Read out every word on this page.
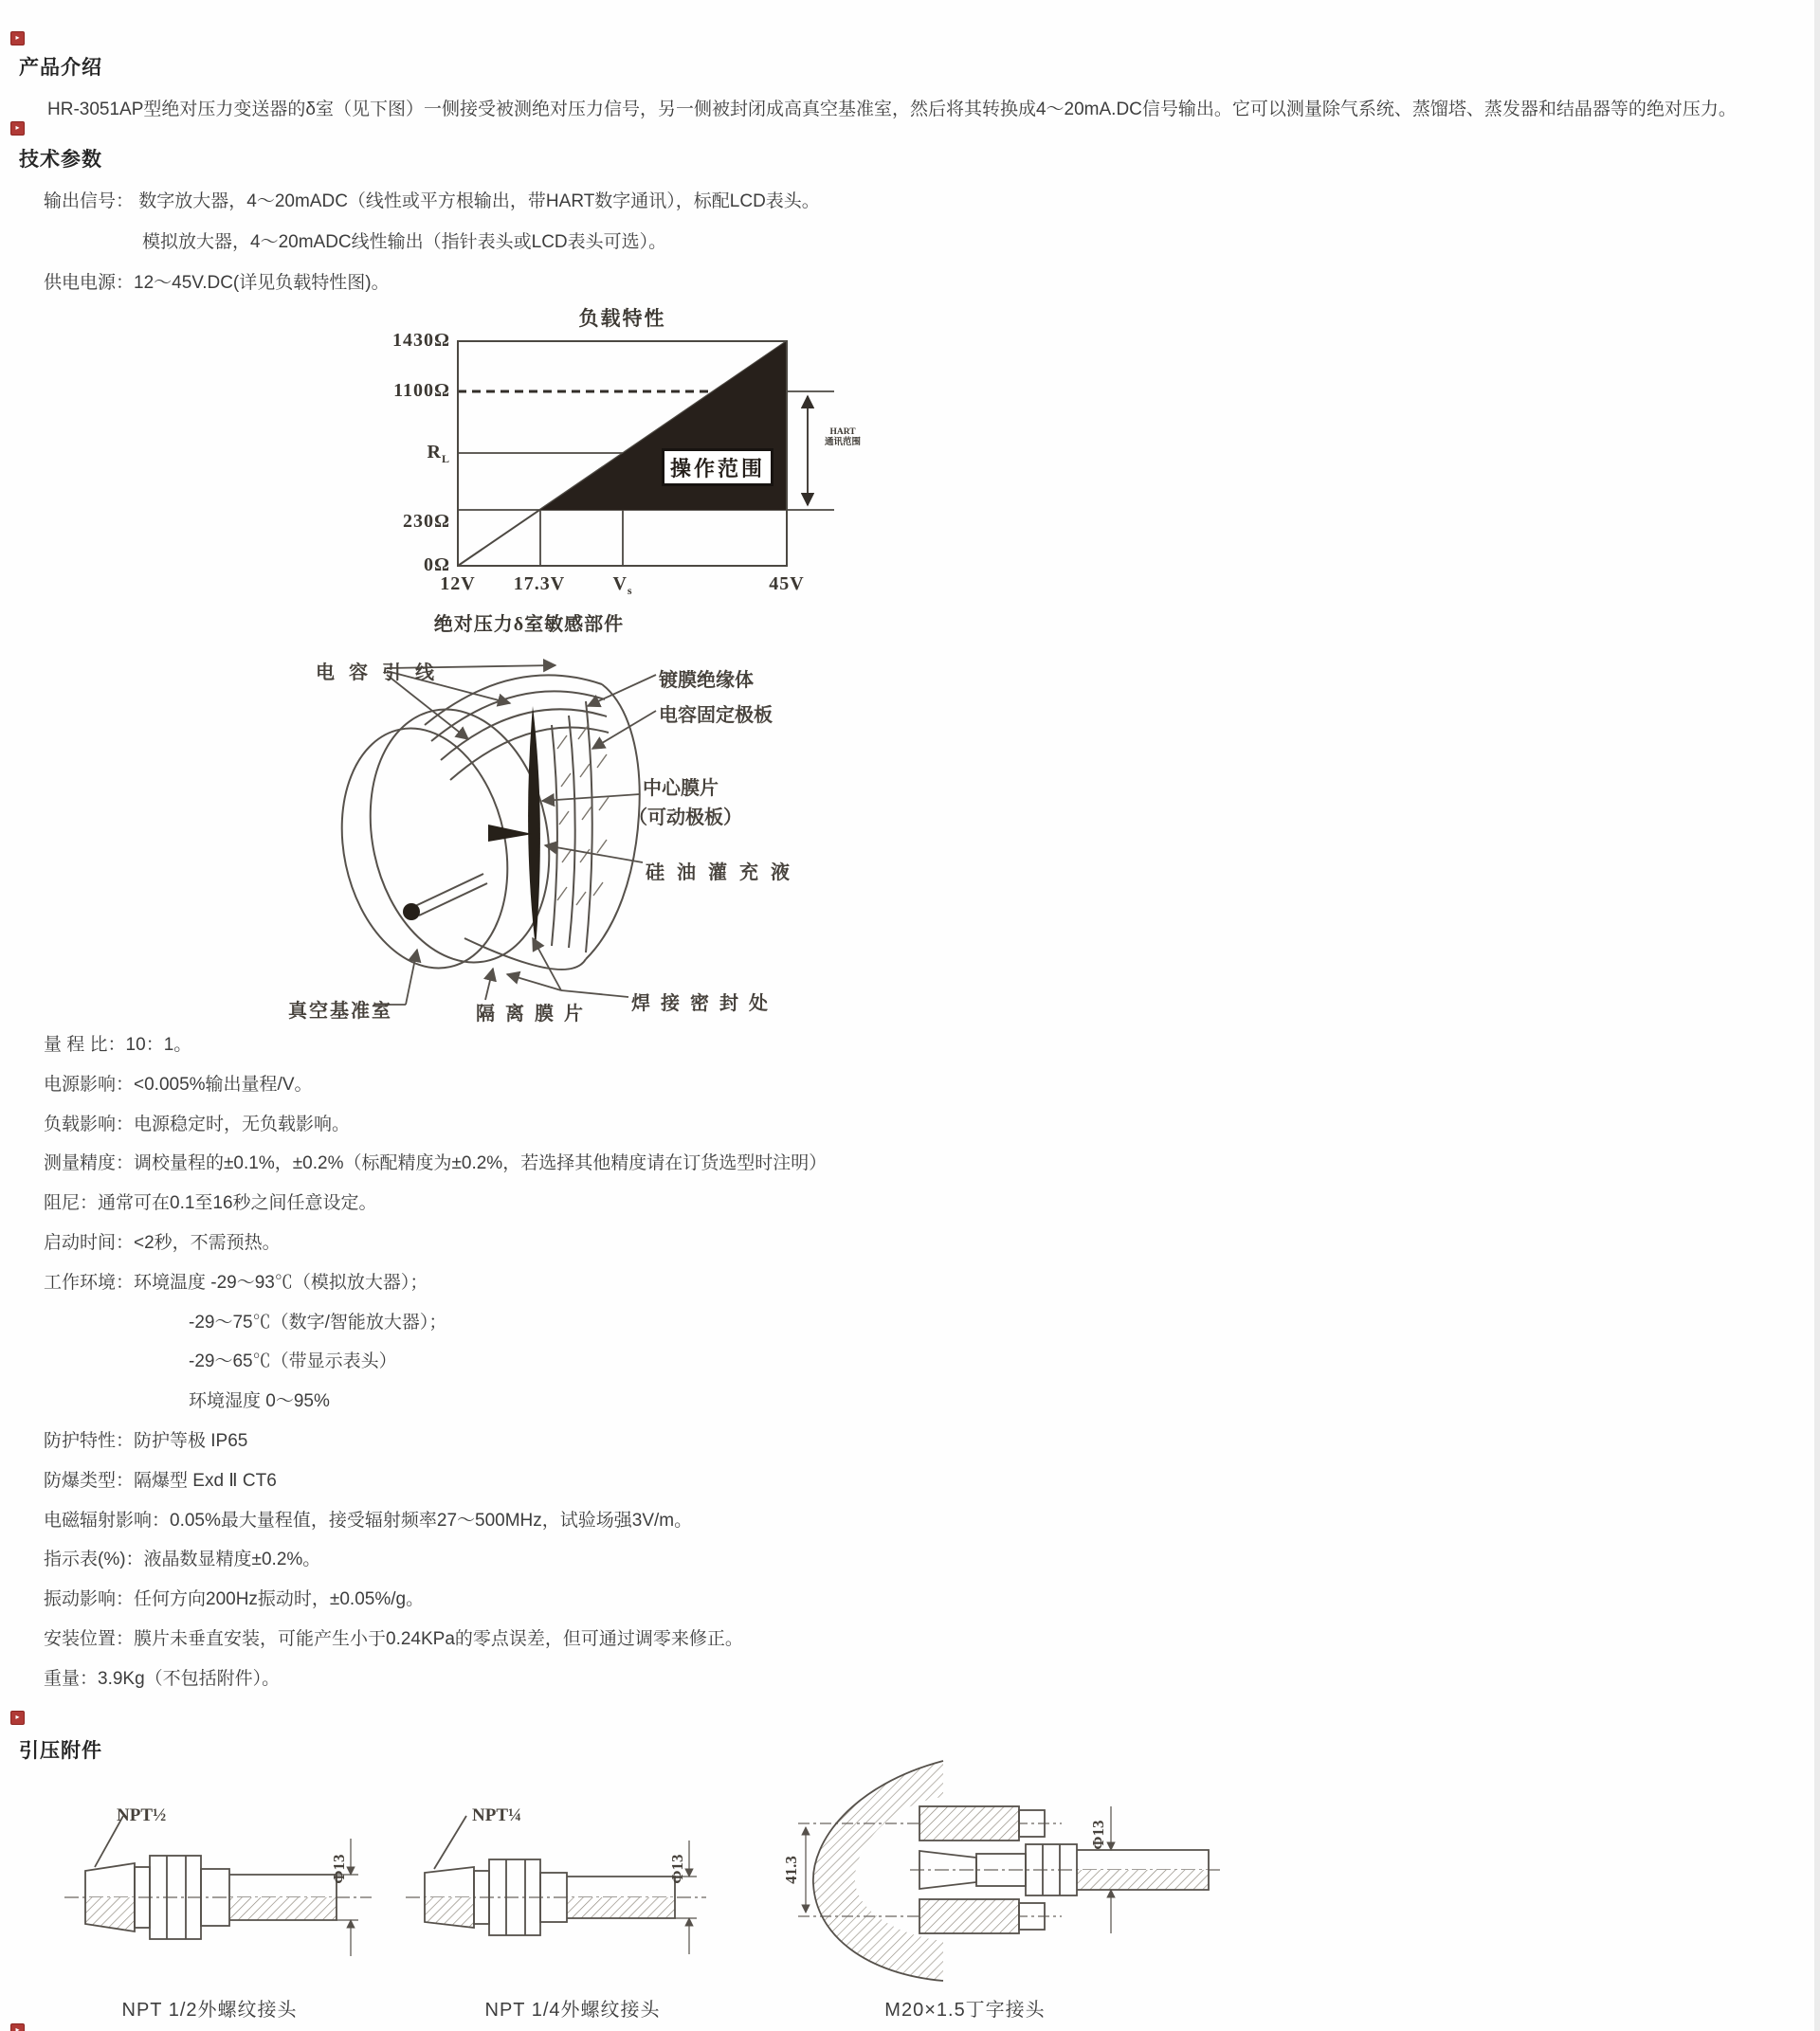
▸
产品介绍
HR-3051AP型绝对压力变送器的δ室（见下图）一侧接受被测绝对压力信号，另一侧被封闭成高真空基准室，然后将其转换成4～20mA.DC信号输出。它可以测量除气系统、蒸馏塔、蒸发器和结晶器等的绝对压力。
▸
技术参数
输出信号： 数字放大器，4～20mADC（线性或平方根输出，带HART数字通讯），标配LCD表头。
模拟放大器，4～20mADC线性输出（指针表头或LCD表头可选）。
供电电源：12～45V.DC(详见负载特性图)。
负载特性
1430Ω
1100Ω
$R_L$
230Ω
0Ω
12V	17.3V	$V_s$	45V
操作范围
HART
通讯范围
绝对压力δ室敏感部件
电 容 引 线	镀膜绝缘体
电容固定极板
中心膜片
（可动极板）
硅 油 灌 充 液
焊 接 密 封 处
真空基准室	隔 离 膜 片
量 程 比：10：1。
电源影响：<0.005%输出量程/V。
负载影响：电源稳定时，无负载影响。
测量精度：调校量程的±0.1%，±0.2%（标配精度为±0.2%，若选择其他精度请在订货选型时注明）
阻尼：通常可在0.1至16秒之间任意设定。
启动时间：<2秒，不需预热。
工作环境：环境温度 -29～93℃（模拟放大器）；
-29～75℃（数字/智能放大器）；
-29～65℃（带显示表头）
环境湿度 0～95%
防护特性：防护等极 IP65
防爆类型：隔爆型 Exd Ⅱ CT6
电磁辐射影响：0.05%最大量程值，接受辐射频率27～500MHz，试验场强3V/m。
指示表(%)：液晶数显精度±0.2%。
振动影响：任何方向200Hz振动时，±0.05%/g。
安装位置：膜片未垂直安装，可能产生小于0.24KPa的零点误差，但可通过调零来修正。
重量：3.9Kg（不包括附件）。
▸
引压附件
Φ13
NPT½
NPT 1/2外螺纹接头
Φ13
NPT¼
NPT 1/4外螺纹接头
41.3
Φ13
M20×1.5丁字接头
▸
